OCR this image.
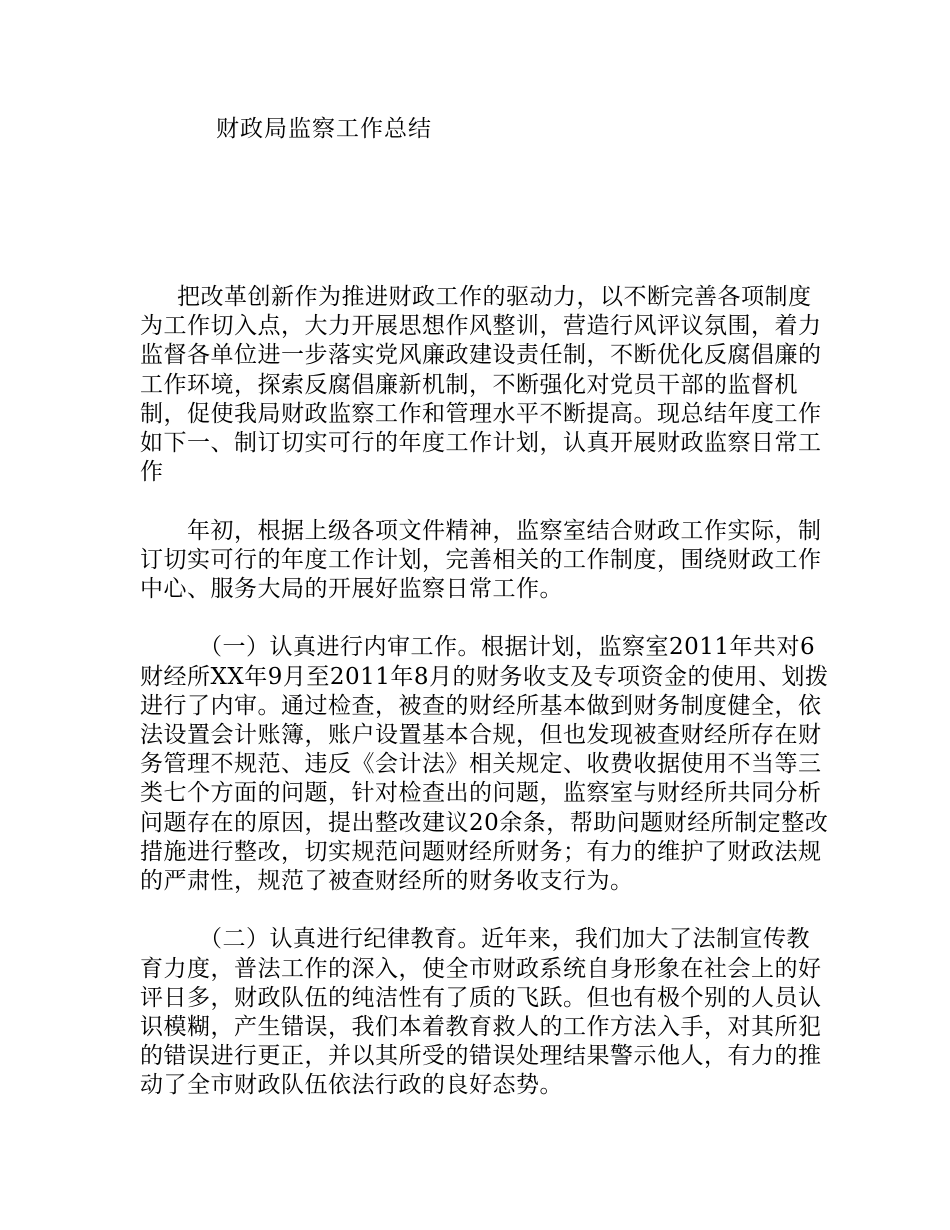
财政局监察工作总结

把改革创新作为推进财政工作的驱动力，以不断完善各项制度为工作切入点，大力开展思想作风整训，营造行风评议氛围，着力监督各单位进一步落实党风廉政建设责任制，不断优化反腐倡廉的工作环境，探索反腐倡廉新机制，不断强化对党员干部的监督机制，促使我局财政监察工作和管理水平不断提高。现总结年度工作如下一、制订切实可行的年度工作计划，认真开展财政监察日常工作

年初，根据上级各项文件精神，监察室结合财政工作实际，制订切实可行的年度工作计划，完善相关的工作制度，围绕财政工作中心、服务大局的开展好监察日常工作。

（一）认真进行内审工作。根据计划，监察室2011年共对6财经所XX年9月至2011年8月的财务收支及专项资金的使用、划拨进行了内审。通过检查，被查的财经所基本做到财务制度健全，依法设置会计账簿，账户设置基本合规，但也发现被查财经所存在财务管理不规范、违反《会计法》相关规定、收费收据使用不当等三类七个方面的问题，针对检查出的问题，监察室与财经所共同分析问题存在的原因，提出整改建议20余条，帮助问题财经所制定整改措施进行整改，切实规范问题财经所财务；有力的维护了财政法规的严肃性，规范了被查财经所的财务收支行为。

（二）认真进行纪律教育。近年来，我们加大了法制宣传教育力度，普法工作的深入，使全市财政系统自身形象在社会上的好评日多，财政队伍的纯洁性有了质的飞跃。但也有极个别的人员认识模糊，产生错误，我们本着教育救人的工作方法入手，对其所犯的错误进行更正，并以其所受的错误处理结果警示他人，有力的推动了全市财政队伍依法行政的良好态势。
